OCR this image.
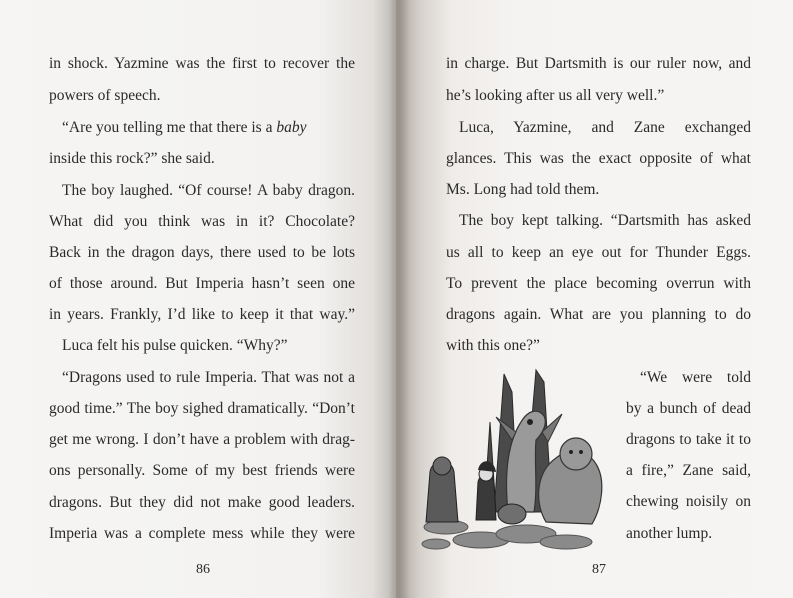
in shock. Yazmine was the first to recover the
powers of speech.
“Are you telling me that there is a baby
inside this rock?” she said.
The boy laughed. “Of course! A baby dragon.
What did you think was in it? Chocolate?
Back in the dragon days, there used to be lots
of those around. But Imperia hasn’t seen one
in years. Frankly, I’d like to keep it that way.”
Luca felt his pulse quicken. “Why?”
“Dragons used to rule Imperia. That was not a
good time.” The boy sighed dramatically. “Don’t
get me wrong. I don’t have a problem with drag-
ons personally. Some of my best friends were
dragons. But they did not make good leaders.
Imperia was a complete mess while they were
86
in charge. But Dartsmith is our ruler now, and
he’s looking after us all very well.”
Luca, Yazmine, and Zane exchanged
glances. This was the exact opposite of what
Ms. Long had told them.
The boy kept talking. “Dartsmith has asked
us all to keep an eye out for Thunder Eggs.
To prevent the place becoming overrun with
dragons again. What are you planning to do
with this one?”
“We were told
by a bunch of dead
dragons to take it to
a fire,” Zane said,
chewing noisily on
another lump.
87
